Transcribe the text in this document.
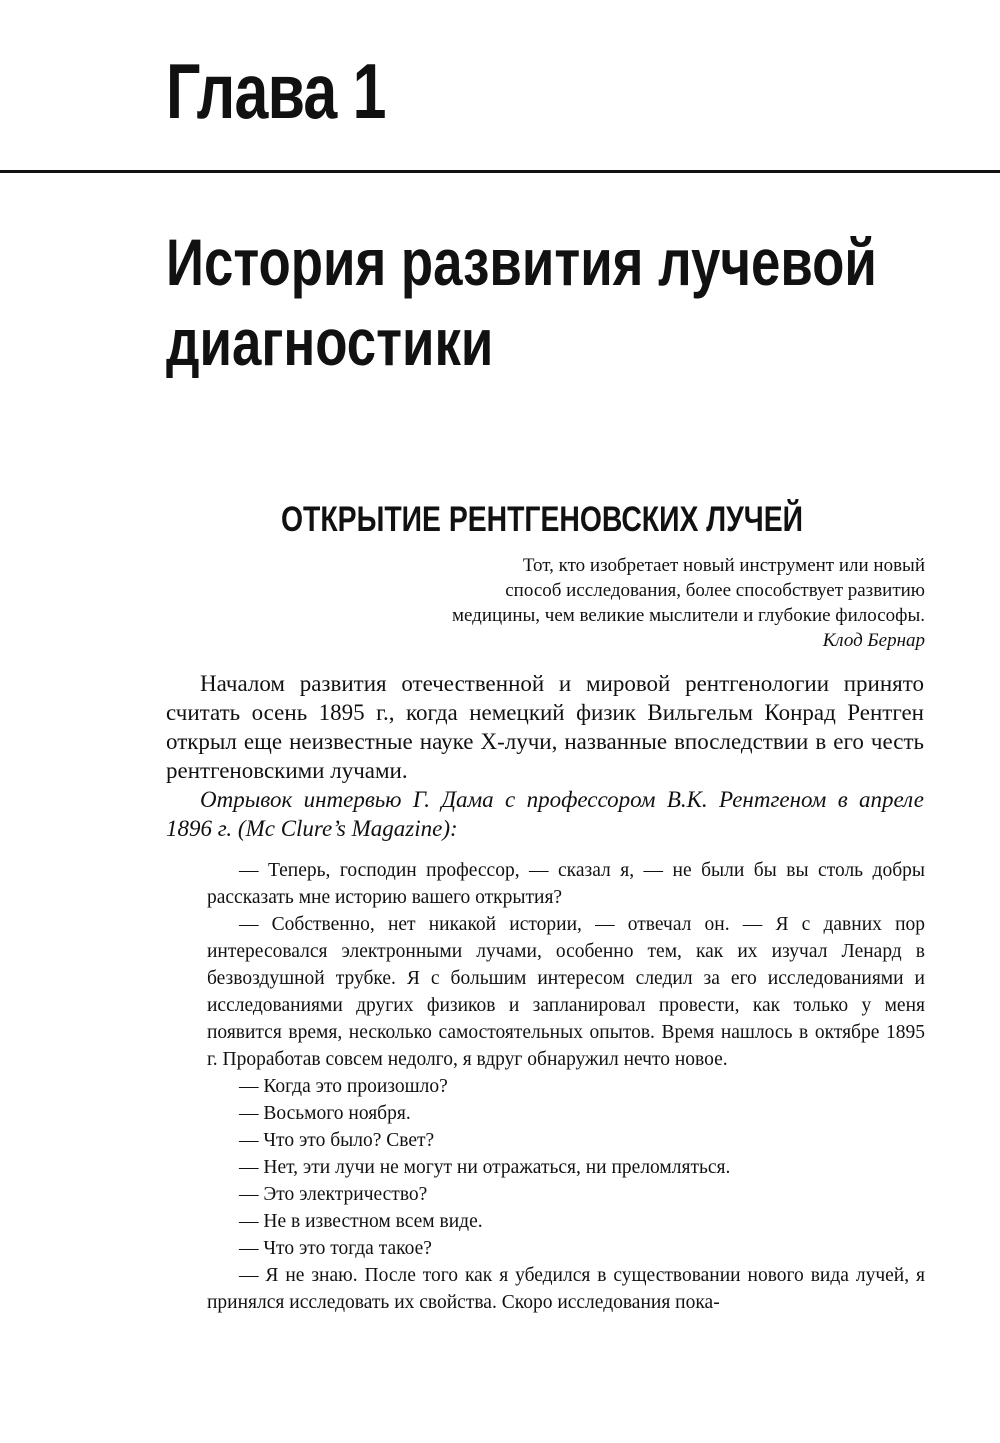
Глава 1
История развития лучевой
диагностики
ОТКРЫТИЕ РЕНТГЕНОВСКИХ ЛУЧЕЙ
Тот, кто изобретает новый инструмент или новый
способ исследования, более способствует развитию
медицины, чем великие мыслители и глубокие философы.
Клод Бернар

Началом развития отечественной и мировой рентгенологии принято считать осень 1895 г., когда немецкий физик Вильгельм Конрад Рентген открыл еще неизвестные науке X-лучи, названные впоследствии в его честь рентгеновскими лучами.

Отрывок интервью Г. Дама с профессором В.К. Рентгеном в апреле 1896 г. (Mc Clure’s Magazine):

— Теперь, господин профессор, — сказал я, — не были бы вы столь добры рассказать мне историю вашего открытия?

— Собственно, нет никакой истории, — отвечал он. — Я с давних пор интересовался электронными лучами, особенно тем, как их изучал Ленард в безвоздушной трубке. Я с большим интересом следил за его исследованиями и исследованиями других физиков и запланировал провести, как только у меня появится время, несколько самостоятельных опытов. Время нашлось в октябре 1895 г. Проработав совсем недолго, я вдруг обнаружил нечто новое.

— Когда это произошло?

— Восьмого ноября.

— Что это было? Свет?

— Нет, эти лучи не могут ни отражаться, ни преломляться.

— Это электричество?

— Не в известном всем виде.

— Что это тогда такое?

— Я не знаю. После того как я убедился в существовании нового вида лучей, я принялся исследовать их свойства. Скоро исследования пока-
